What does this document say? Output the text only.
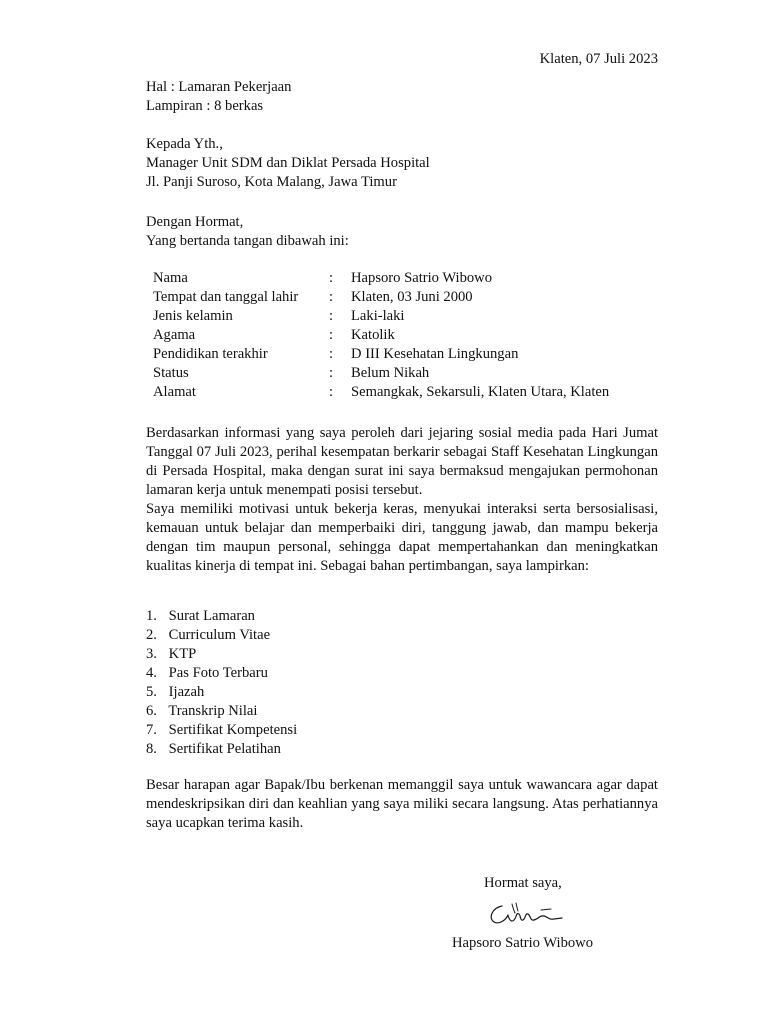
Klaten, 07 Juli 2023
Hal : Lamaran Pekerjaan
Lampiran : 8 berkas
Kepada Yth.,
Manager Unit SDM dan Diklat Persada Hospital
Jl. Panji Suroso, Kota Malang, Jawa Timur
Dengan Hormat,
Yang bertanda tangan dibawah ini:
Nama	:	Hapsoro Satrio Wibowo
Tempat dan tanggal lahir	:	Klaten, 03 Juni 2000
Jenis kelamin	:	Laki-laki
Agama	:	Katolik
Pendidikan terakhir	:	D III Kesehatan Lingkungan
Status	:	Belum Nikah
Alamat	:	Semangkak, Sekarsuli, Klaten Utara, Klaten

Berdasarkan informasi yang saya peroleh dari jejaring sosial media pada Hari Jumat Tanggal 07 Juli 2023, perihal kesempatan berkarir sebagai Staff Kesehatan Lingkungan di Persada Hospital, maka dengan surat ini saya bermaksud mengajukan permohonan lamaran kerja untuk menempati posisi tersebut.

Saya memiliki motivasi untuk bekerja keras, menyukai interaksi serta bersosialisasi, kemauan untuk belajar dan memperbaiki diri, tanggung jawab, dan mampu bekerja dengan tim maupun personal, sehingga dapat mempertahankan dan meningkatkan kualitas kinerja di tempat ini. Sebagai bahan pertimbangan, saya lampirkan:

1. Surat Lamaran
2. Curriculum Vitae
3. KTP
4. Pas Foto Terbaru
5. Ijazah
6. Transkrip Nilai
7. Sertifikat Kompetensi
8. Sertifikat Pelatihan

Besar harapan agar Bapak/Ibu berkenan memanggil saya untuk wawancara agar dapat mendeskripsikan diri dan keahlian yang saya miliki secara langsung. Atas perhatiannya saya ucapkan terima kasih.

Hormat saya,
Hapsoro Satrio Wibowo
